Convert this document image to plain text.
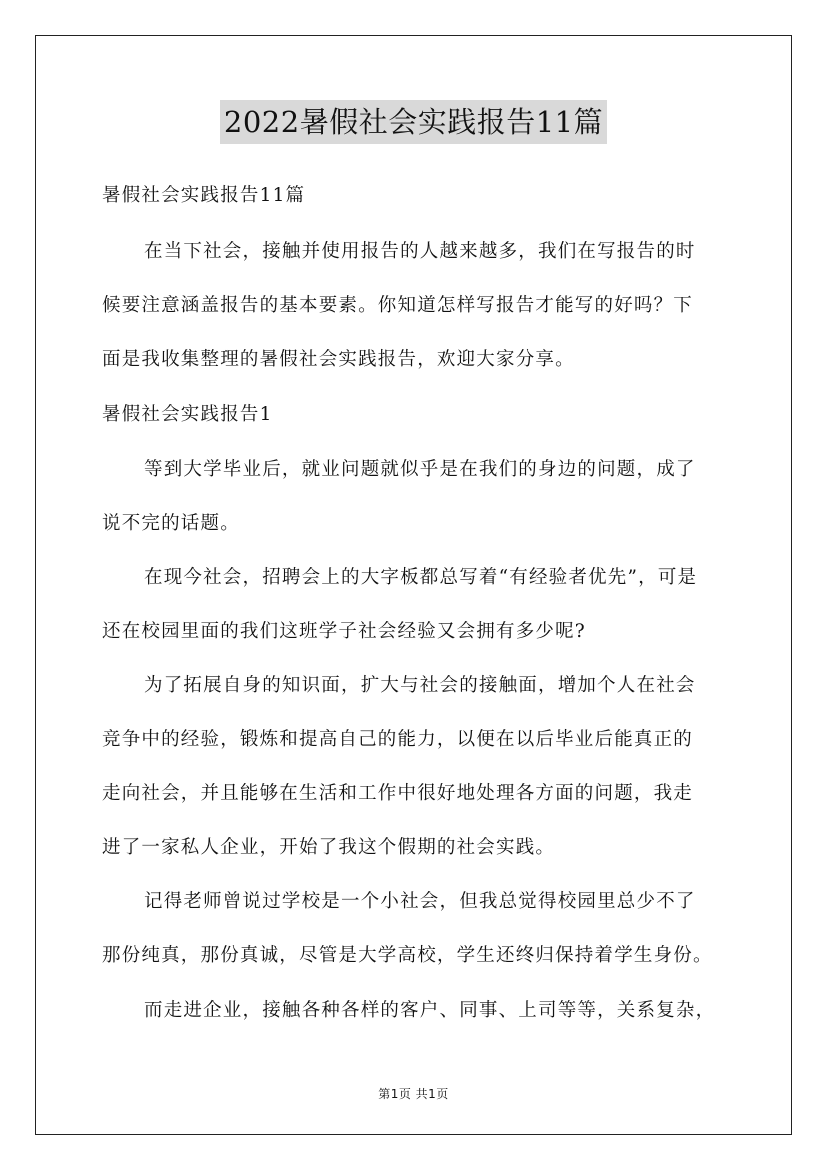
2022暑假社会实践报告11篇
暑假社会实践报告11篇
在当下社会，接触并使用报告的人越来越多，我们在写报告的时
候要注意涵盖报告的基本要素。你知道怎样写报告才能写的好吗？下
面是我收集整理的暑假社会实践报告，欢迎大家分享。
暑假社会实践报告1
等到大学毕业后，就业问题就似乎是在我们的身边的问题，成了
说不完的话题。
在现今社会，招聘会上的大字板都总写着“有经验者优先”，可是
还在校园里面的我们这班学子社会经验又会拥有多少呢?
为了拓展自身的知识面，扩大与社会的接触面，增加个人在社会
竞争中的经验，锻炼和提高自己的能力，以便在以后毕业后能真正的
走向社会，并且能够在生活和工作中很好地处理各方面的问题，我走
进了一家私人企业，开始了我这个假期的社会实践。
记得老师曾说过学校是一个小社会，但我总觉得校园里总少不了
那份纯真，那份真诚，尽管是大学高校，学生还终归保持着学生身份。
而走进企业，接触各种各样的客户、同事、上司等等，关系复杂，
第1页 共1页
